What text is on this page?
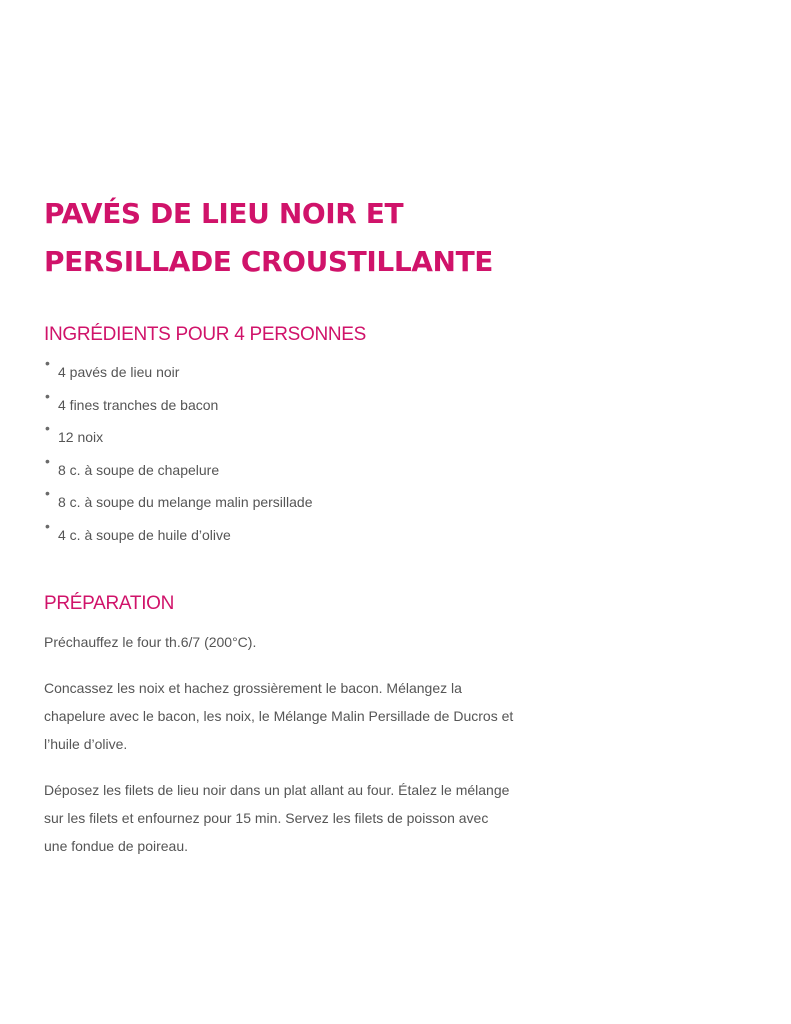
PAVÉS DE LIEU NOIR ET
PERSILLADE CROUSTILLANTE
INGRÉDIENTS POUR 4 PERSONNES
•
4 pavés de lieu noir
•
4 fines tranches de bacon
•
12 noix
•
8 c. à soupe de chapelure
•
8 c. à soupe du melange malin persillade
•
4 c. à soupe de huile d’olive
PRÉPARATION

Préchauffez le four th.6/7 (200°C).

Concassez les noix et hachez grossièrement le bacon. Mélangez la chapelure avec le bacon, les noix, le Mélange Malin Persillade de Ducros et l’huile d’olive.

Déposez les filets de lieu noir dans un plat allant au four. Étalez le mélange sur les filets et enfournez pour 15 min. Servez les filets de poisson avec une fondue de poireau.
